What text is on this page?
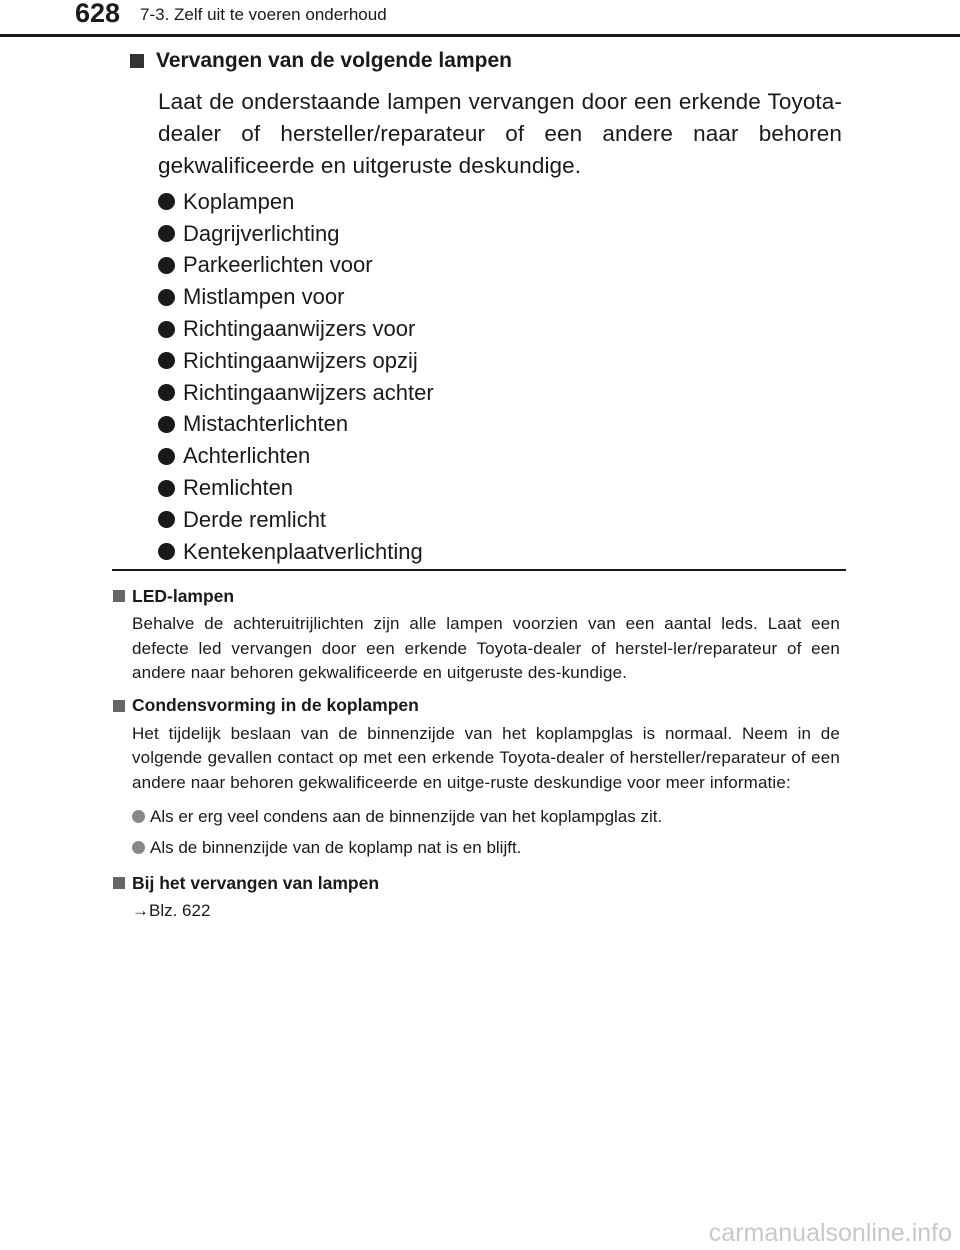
628 7-3. Zelf uit te voeren onderhoud
Vervangen van de volgende lampen
Laat de onderstaande lampen vervangen door een erkende Toyota-dealer of hersteller/reparateur of een andere naar behoren gekwalificeerde en uitgeruste deskundige.
Koplampen
Dagrijverlichting
Parkeerlichten voor
Mistlampen voor
Richtingaanwijzers voor
Richtingaanwijzers opzij
Richtingaanwijzers achter
Mistachterlichten
Achterlichten
Remlichten
Derde remlicht
Kentekenplaatverlichting
LED-lampen
Behalve de achteruitrijlichten zijn alle lampen voorzien van een aantal leds. Laat een defecte led vervangen door een erkende Toyota-dealer of herstel-ler/reparateur of een andere naar behoren gekwalificeerde en uitgeruste des-kundige.
Condensvorming in de koplampen
Het tijdelijk beslaan van de binnenzijde van het koplampglas is normaal. Neem in de volgende gevallen contact op met een erkende Toyota-dealer of hersteller/reparateur of een andere naar behoren gekwalificeerde en uitge-ruste deskundige voor meer informatie:
Als er erg veel condens aan de binnenzijde van het koplampglas zit.
Als de binnenzijde van de koplamp nat is en blijft.
Bij het vervangen van lampen
→Blz. 622
carmanualsonline.info
